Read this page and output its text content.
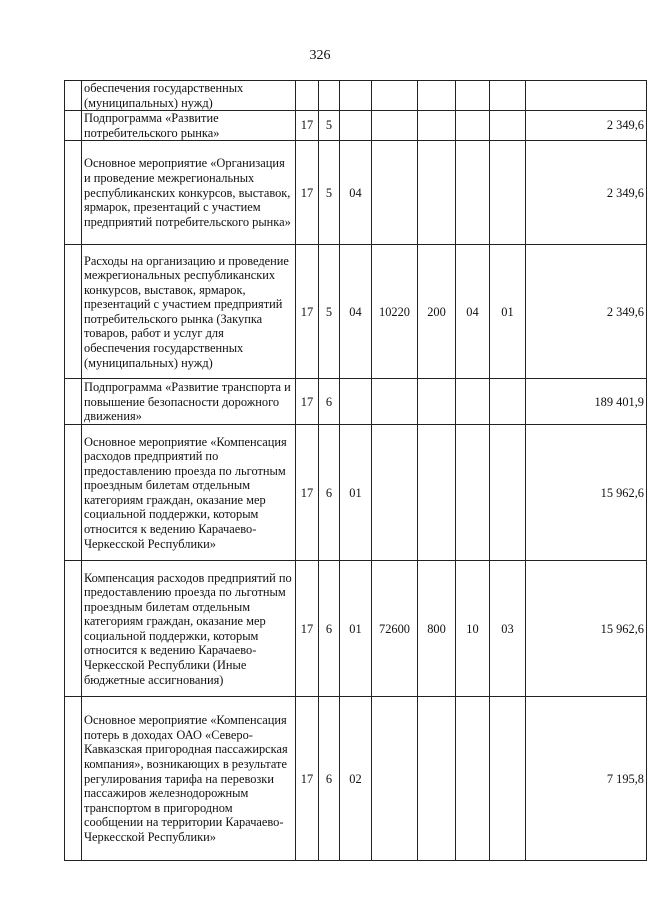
326
	обеспечения государственных (муниципальных) нужд)								
	Подпрограмма «Развитие потребительского рынка»	17	5						2 349,6
	Основное мероприятие «Организация и проведение межрегиональных республиканских конкурсов, выставок, ярмарок, презентаций с участием предприятий потребительского рынка»	17	5	04					2 349,6
	Расходы на организацию и проведение межрегиональных республиканских конкурсов, выставок, ярмарок, презентаций с участием предприятий потребительского рынка (Закупка товаров, работ и услуг для обеспечения государственных (муниципальных) нужд)	17	5	04	10220	200	04	01	2 349,6
	Подпрограмма «Развитие транспорта и повышение безопасности дорожного движения»	17	6						189 401,9
	Основное мероприятие «Компенсация расходов предприятий по предоставлению проезда по льготным проездным билетам отдельным категориям граждан, оказание мер социальной поддержки, которым относится к ведению Карачаево-Черкесской Республики»	17	6	01					15 962,6
	Компенсация расходов предприятий по предоставлению проезда по льготным проездным билетам отдельным категориям граждан, оказание мер социальной поддержки, которым относится к ведению Карачаево-Черкесской Республики (Иные бюджетные ассигнования)	17	6	01	72600	800	10	03	15 962,6
	Основное мероприятие «Компенсация потерь в доходах ОАО «Северо-Кавказская пригородная пассажирская компания», возникающих в результате регулирования тарифа на перевозки пассажиров железнодорожным транспортом в пригородном сообщении на территории Карачаево-Черкесской Республики»	17	6	02					7 195,8
